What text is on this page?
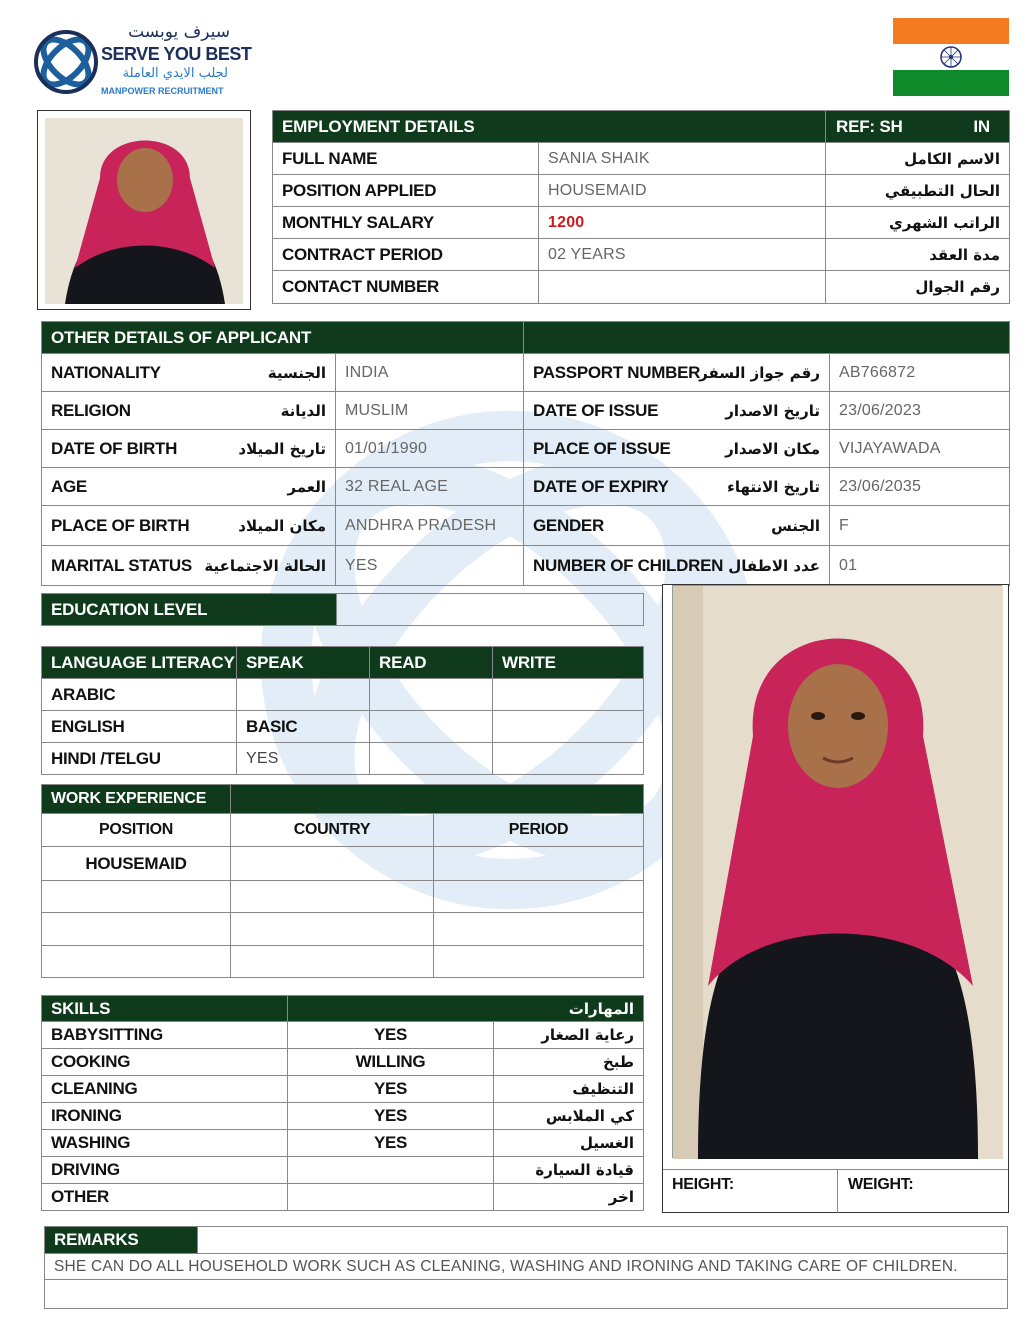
سيرف يوبست
SERVE YOU BEST
لجلب الايدي العاملة
MANPOWER RECRUITMENT
EMPLOYMENT DETAILS		REF: SH IN

FULL NAME	SANIA SHAIK	الاسم الكامل
POSITION APPLIED	HOUSEMAID	الحال التطبيقي
MONTHLY SALARY	1200	الراتب الشهري
CONTRACT PERIOD	02 YEARS	مدة العقد
CONTACT NUMBER		رقم الجوال
OTHER DETAILS OF APPLICANT					
NATIONALITY	الجنسية	INDIA	PASSPORT NUMBER	رقم جواز السفر	AB766872
RELIGION	الديانة	MUSLIM	DATE OF ISSUE	تاريخ الاصدار	23/06/2023
DATE OF BIRTH	تاريخ الميلاد	01/01/1990	PLACE OF ISSUE	مكان الاصدار	VIJAYAWADA
AGE	العمر	32 REAL AGE	DATE OF EXPIRY	تاريخ الانتهاء	23/06/2035
PLACE OF BIRTH	مكان الميلاد	ANDHRA PRADESH	GENDER	الجنس	F
MARITAL STATUS	الحالة الاجتماعية	YES	NUMBER OF CHILDREN	عدد الاطفال	01
EDUCATION LEVEL	
LANGUAGE LITERACY	SPEAK	READ	WRITE
ARABIC			
ENGLISH	BASIC		
HINDI /TELGU	YES		
WORK EXPERIENCE		
POSITION	COUNTRY	PERIOD
HOUSEMAID		

SKILLS	المهارات	
BABYSITTING	YES	رعاية الصغار
COOKING	WILLING	طبخ
CLEANING	YES	التنظيف
IRONING	YES	كي الملابس
WASHING	YES	الغسيل
DRIVING		قيادة السيارة
OTHER		اخر
HEIGHT:	WEIGHT:
REMARKS	
SHE CAN DO ALL HOUSEHOLD WORK SUCH AS CLEANING, WASHING AND IRONING AND TAKING CARE OF CHILDREN.
